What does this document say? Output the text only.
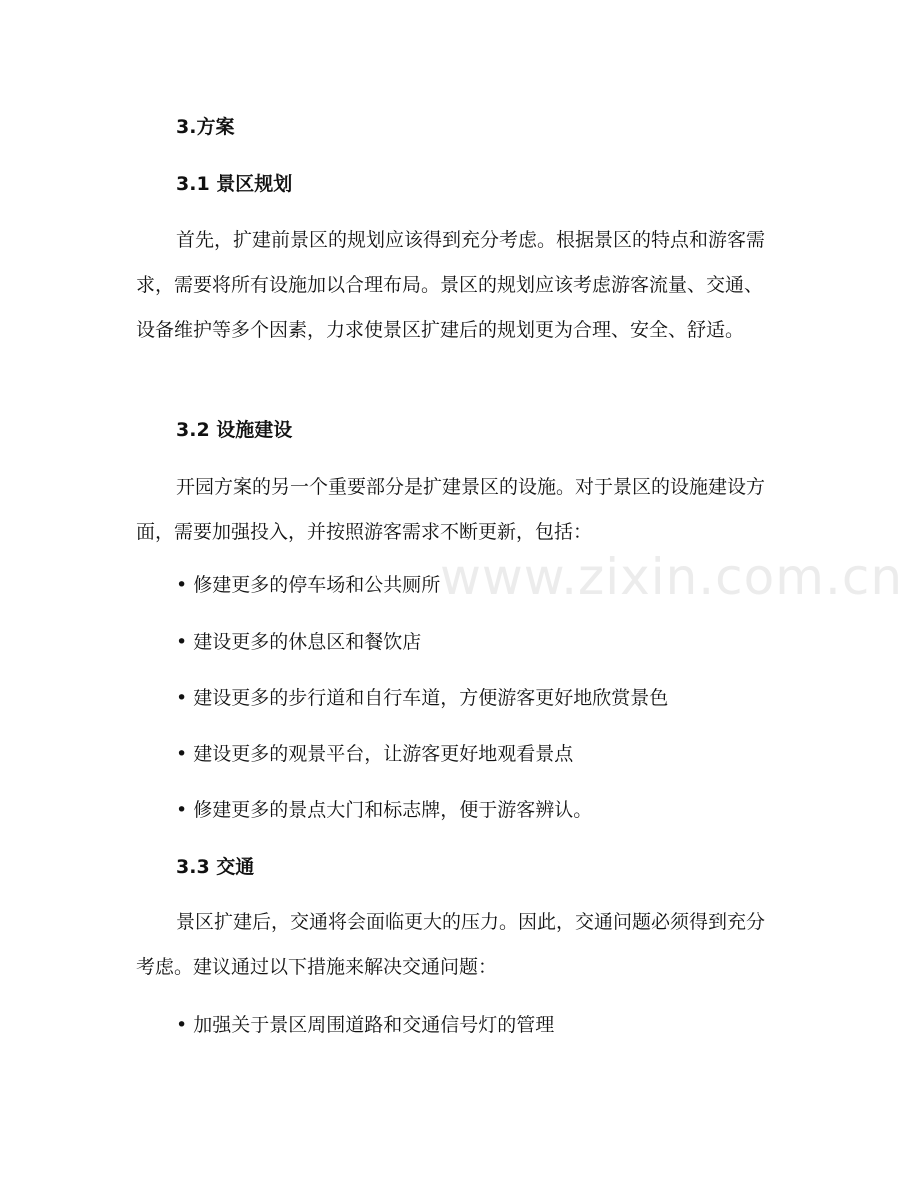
www.zixin.com.cn
3.方案
3.1 景区规划
首先，扩建前景区的规划应该得到充分考虑。根据景区的特点和游客需求，需要将所有设施加以合理布局。景区的规划应该考虑游客流量、交通、设备维护等多个因素，力求使景区扩建后的规划更为合理、安全、舒适。
3.2 设施建设
开园方案的另一个重要部分是扩建景区的设施。对于景区的设施建设方面，需要加强投入，并按照游客需求不断更新，包括：
• 修建更多的停车场和公共厕所
• 建设更多的休息区和餐饮店
• 建设更多的步行道和自行车道，方便游客更好地欣赏景色
• 建设更多的观景平台，让游客更好地观看景点
• 修建更多的景点大门和标志牌，便于游客辨认。
3.3 交通
景区扩建后，交通将会面临更大的压力。因此，交通问题必须得到充分考虑。建议通过以下措施来解决交通问题：
• 加强关于景区周围道路和交通信号灯的管理
